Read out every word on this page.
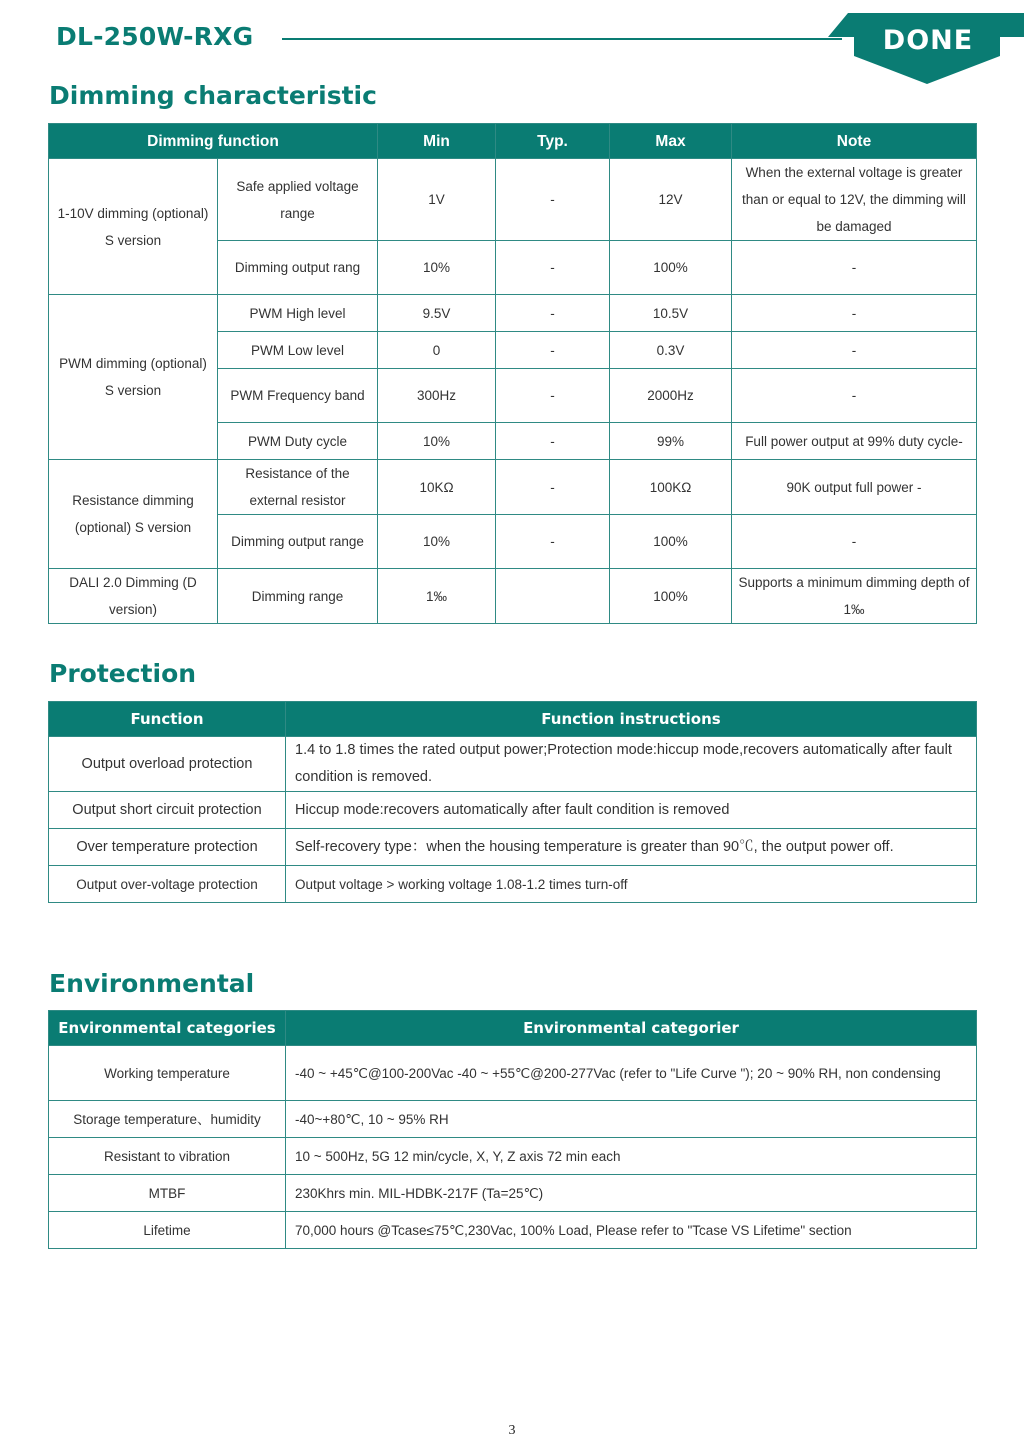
DL-250W-RXG	DONE
Dimming characteristic
Dimming function		Min	Typ.	Max	Note
1-10V dimming (optional) S version	Safe applied voltage range	1V	-	12V	When the external voltage is greater than or equal to 12V, the dimming will be damaged
	Dimming output rang	10%	-	100%	-
PWM dimming (optional) S version	PWM High level	9.5V	-	10.5V	-
	PWM Low level	0	-	0.3V	-
	PWM Frequency band	300Hz	-	2000Hz	-
	PWM Duty cycle	10%	-	99%	Full power output at 99% duty cycle-
Resistance dimming (optional) S version	Resistance of the external resistor	10KΩ	-	100KΩ	90K output full power -
	Dimming output range	10%	-	100%	-
DALI 2.0 Dimming (D version)	Dimming range	1‰		100%	Supports a minimum dimming depth of 1‰
Protection
Function	Function instructions
Output overload protection	1.4 to 1.8 times the rated output power;Protection mode:hiccup mode,recovers automatically after fault condition is removed.
Output short circuit protection	Hiccup mode:recovers automatically after fault condition is removed
Over temperature protection	Self-recovery type：when the housing temperature is greater than 90℃, the output power off.
Output over-voltage protection	Output voltage > working voltage 1.08-1.2 times turn-off
Environmental
Environmental categories	Environmental categorier
Working temperature	-40 ~ +45℃@100-200Vac -40 ~ +55℃@200-277Vac (refer to "Life Curve "); 20 ~ 90% RH, non condensing
Storage temperature、humidity	-40~+80℃, 10 ~ 95% RH
Resistant to vibration	10 ~ 500Hz, 5G 12 min/cycle, X, Y, Z axis 72 min each
MTBF	230Khrs min. MIL-HDBK-217F (Ta=25℃)
Lifetime	70,000 hours @Tcase≤75℃,230Vac, 100% Load, Please refer to "Tcase VS Lifetime" section
3
